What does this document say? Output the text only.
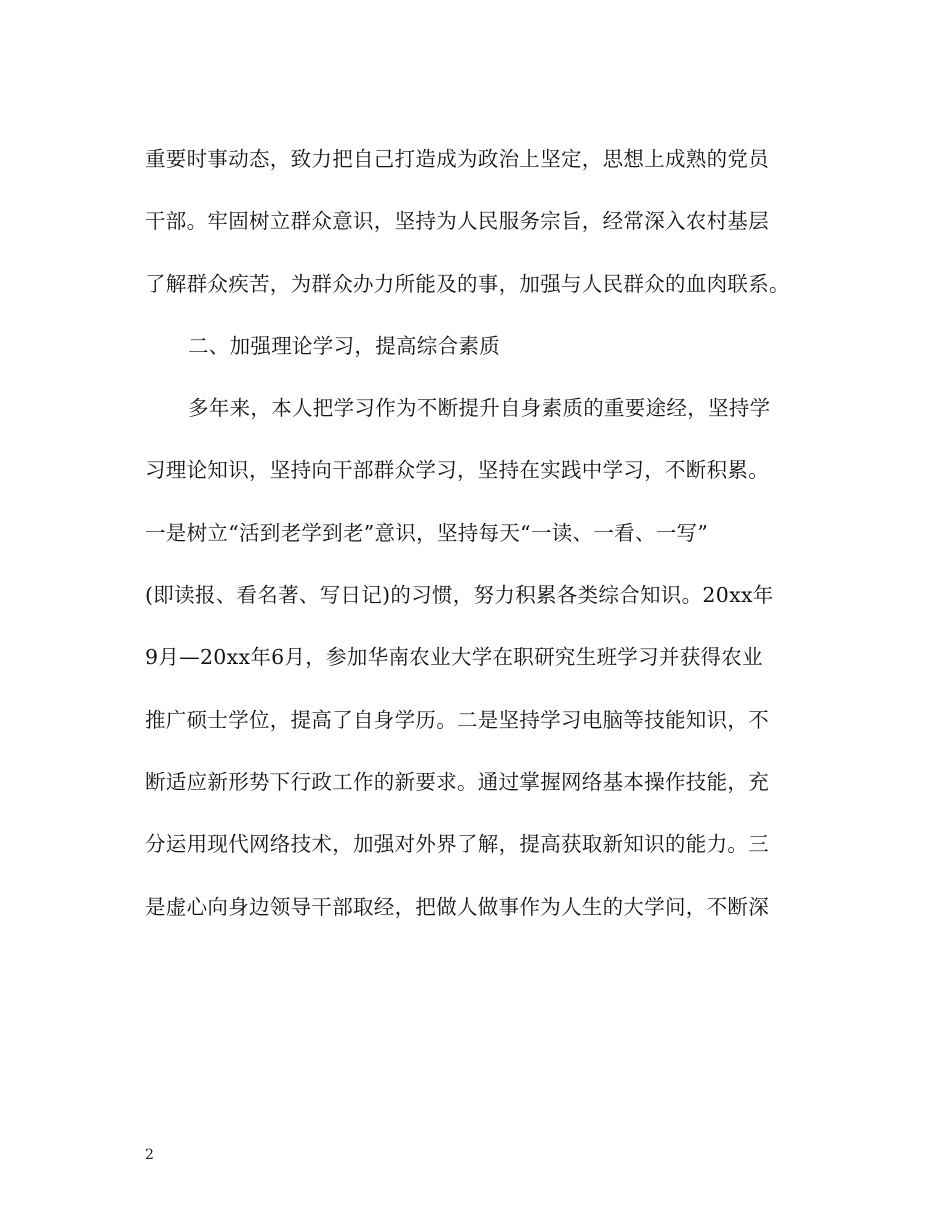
重要时事动态，致力把自己打造成为政治上坚定，思想上成熟的党员
干部。牢固树立群众意识，坚持为人民服务宗旨，经常深入农村基层
了解群众疾苦，为群众办力所能及的事，加强与人民群众的血肉联系。
二、加强理论学习，提高综合素质
多年来，本人把学习作为不断提升自身素质的重要途经，坚持学
习理论知识，坚持向干部群众学习，坚持在实践中学习，不断积累。
一是树立“活到老学到老”意识，坚持每天“一读、一看、一写”
(即读报、看名著、写日记)的习惯，努力积累各类综合知识。20xx年
9月—20xx年6月，参加华南农业大学在职研究生班学习并获得农业
推广硕士学位，提高了自身学历。二是坚持学习电脑等技能知识，不
断适应新形势下行政工作的新要求。通过掌握网络基本操作技能，充
分运用现代网络技术，加强对外界了解，提高获取新知识的能力。三
是虚心向身边领导干部取经，把做人做事作为人生的大学问，不断深
2
